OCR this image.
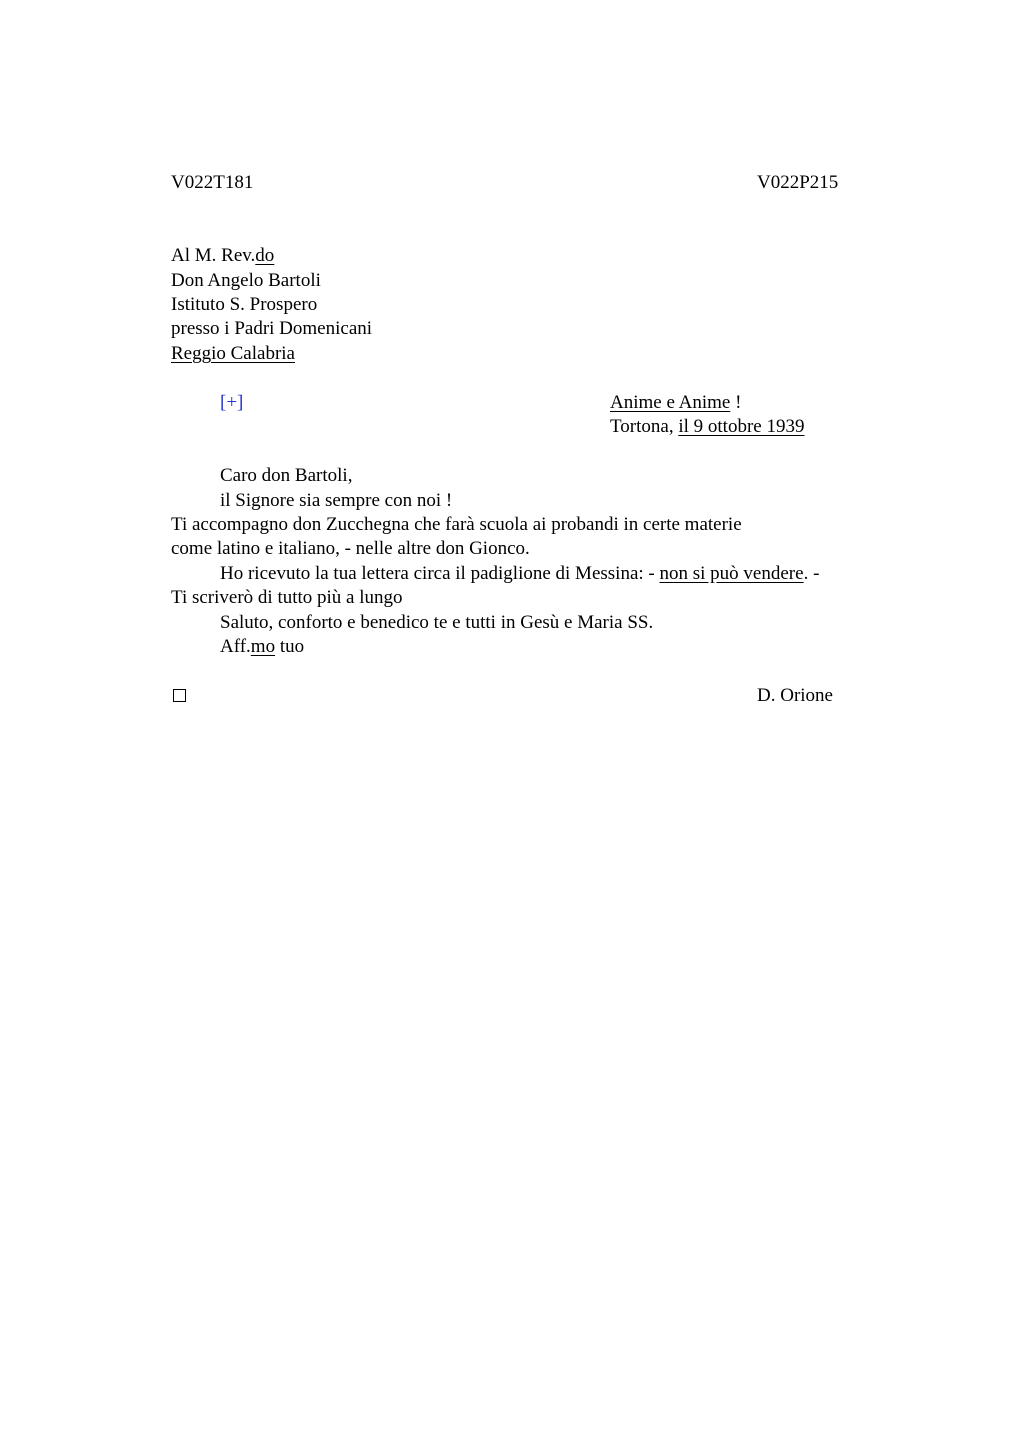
V022T181	V022P215
Al M. Rev.do
Don Angelo Bartoli
Istituto S. Prospero
presso i Padri Domenicani
Reggio Calabria
[+]	Anime e Anime !
Tortona, il 9 ottobre 1939
Caro don Bartoli,
il Signore sia sempre con noi !
Ti accompagno don Zucchegna che farà scuola ai probandi in certe materie
come latino e italiano, - nelle altre don Gionco.
Ho ricevuto la tua lettera circa il padiglione di Messina: - non si può vendere. -
Ti scriverò di tutto più a lungo
Saluto, conforto e benedico te e tutti in Gesù e Maria SS.
Aff.mo tuo
D. Orione
